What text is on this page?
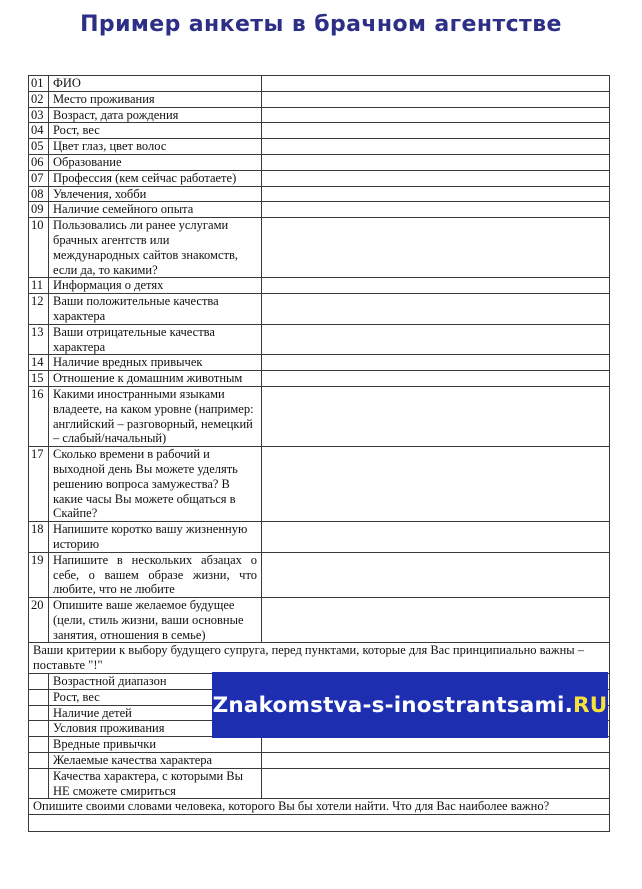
Пример анкеты в брачном агентстве
01	ФИО	
02	Место проживания	
03	Возраст, дата рождения	
04	Рост, вес	
05	Цвет глаз, цвет волос	
06	Образование	
07	Профессия (кем сейчас работаете)	
08	Увлечения, хобби	
09	Наличие семейного опыта	
10	Пользовались ли ранее услугами брачных агентств или международных сайтов знакомств, если да, то какими?	
11	Информация о детях	
12	Ваши положительные качества характера	
13	Ваши отрицательные качества характера	
14	Наличие вредных привычек	
15	Отношение к домашним животным	
16	Какими иностранными языками владеете, на каком уровне (например: английский – разговорный, немецкий – слабый/начальный)	
17	Сколько времени в рабочий и выходной день Вы можете уделять решению вопроса замужества? В какие часы Вы можете общаться в Скайпе?	
18	Напишите коротко вашу жизненную историю	
19	Напишите в нескольких абзацах о себе, о вашем образе жизни, что любите, что не любите	
20	Опишите ваше желаемое будущее (цели, стиль жизни, ваши основные занятия, отношения в семье)	
Ваши критерии к выбору будущего супруга, перед пунктами, которые для Вас принципиально важны – поставьте "!"		
	Возрастной диапазон	
	Рост, вес	
	Наличие детей	
	Условия проживания	
	Вредные привычки	
	Желаемые качества характера	
	Качества характера, с которыми Вы НЕ сможете смириться	
Опишите своими словами человека, которого Вы бы хотели найти. Что для Вас наиболее важно?		

Znakomstva-s-inostrantsami. RU
